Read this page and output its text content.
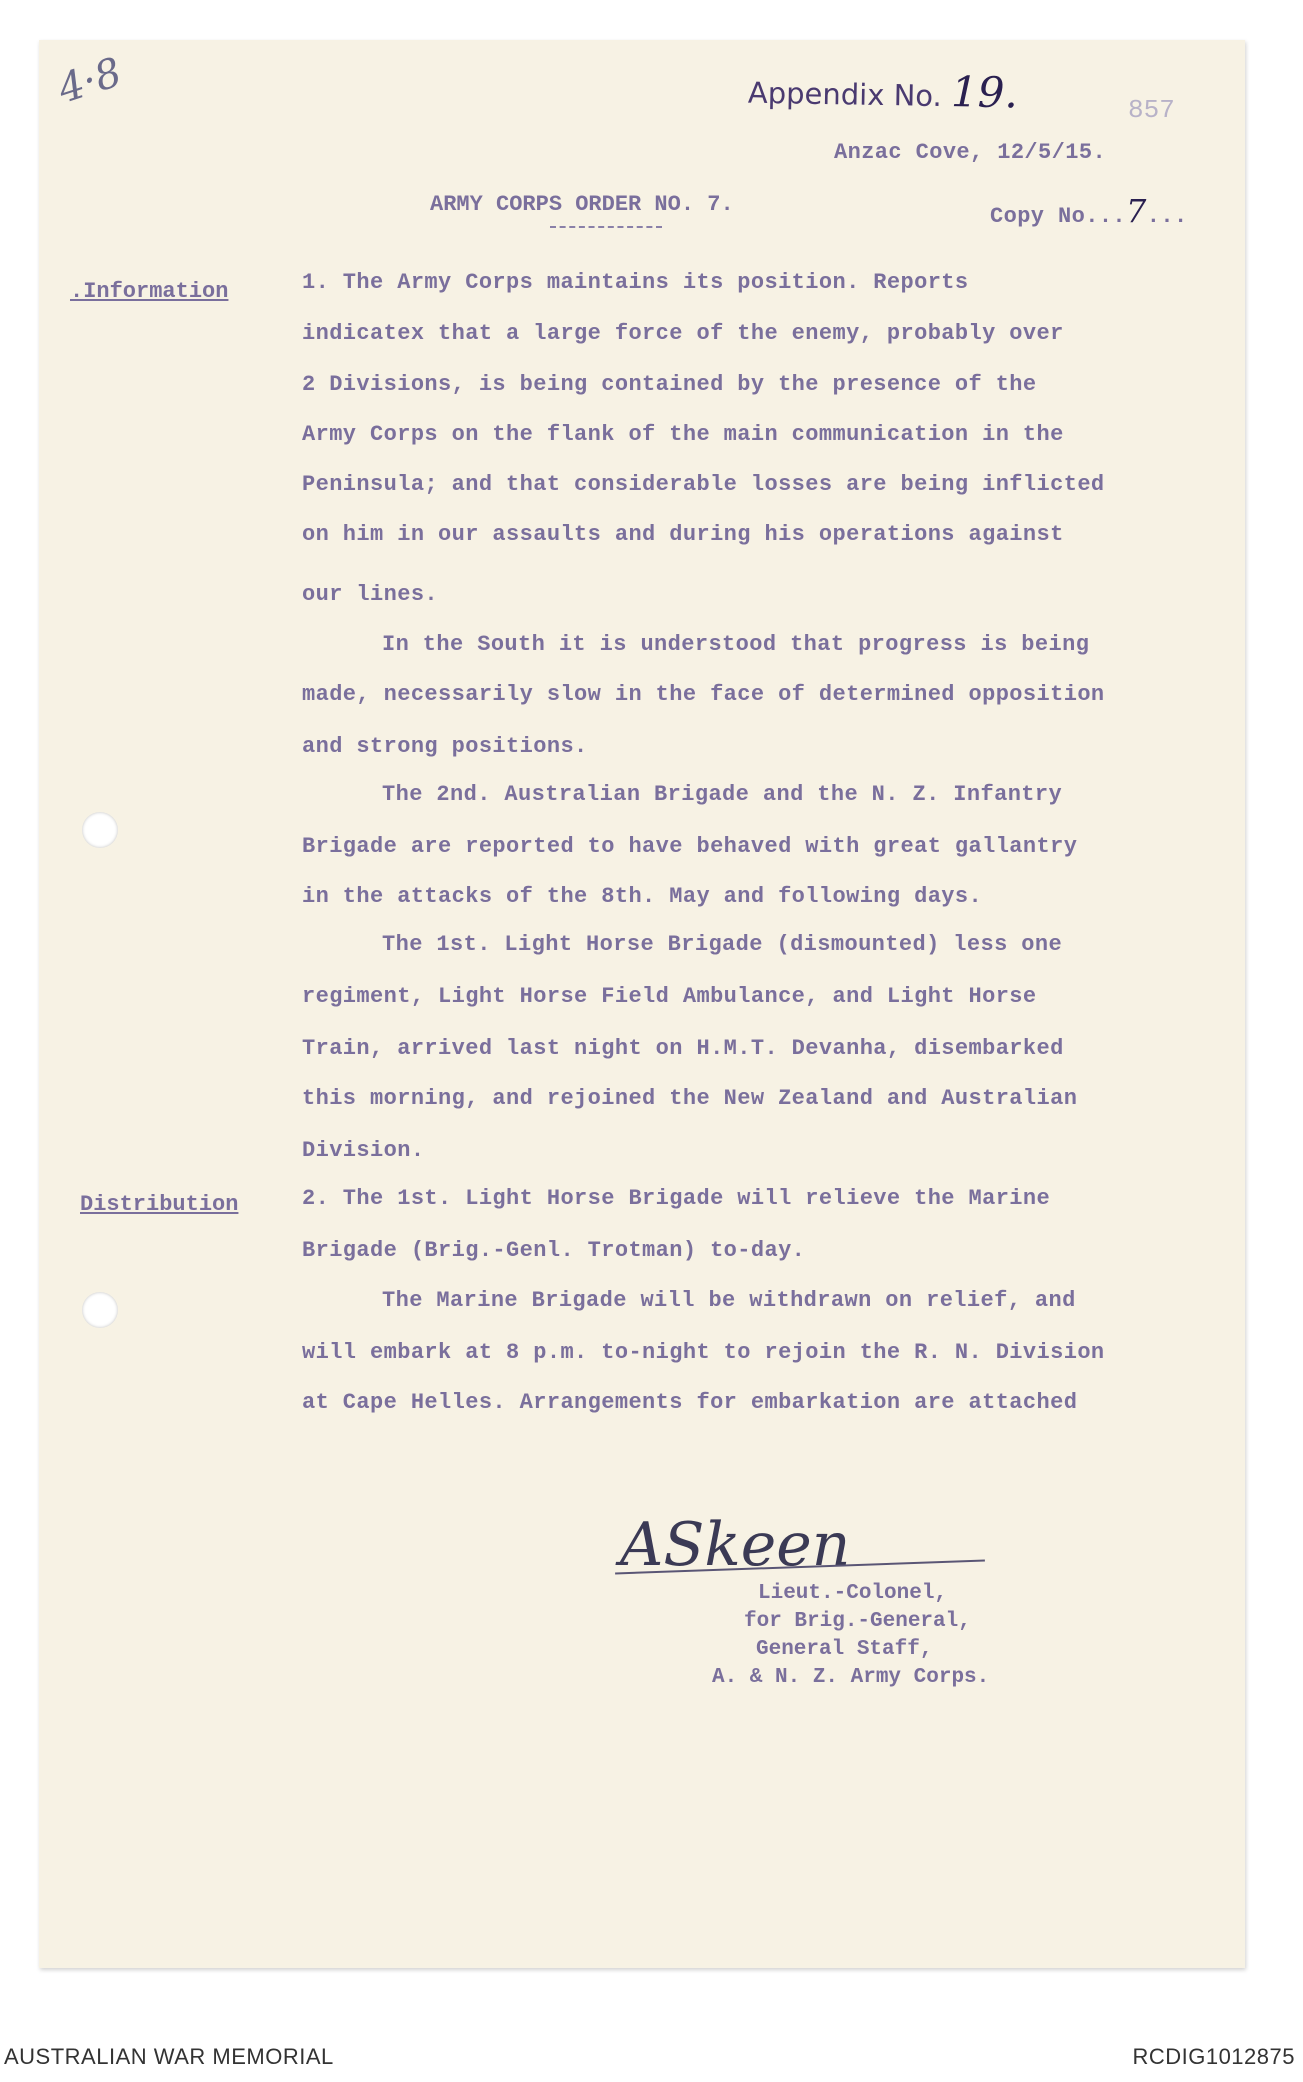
4·8	Appendix No. 19.	857
Anzac Cove, 12/5/15.
ARMY CORPS ORDER NO. 7.	Copy No...7...
.Information	1. The Army Corps maintains its position. Reports
indicatex that a large force of the enemy, probably over
2 Divisions, is being contained by the presence of the
Army Corps on the flank of the main communication in the
Peninsula; and that considerable losses are being inflicted
on him in our assaults and during his operations against
our lines.
In the South it is understood that progress is being
made, necessarily slow in the face of determined opposition
and strong positions.
The 2nd. Australian Brigade and the N. Z. Infantry
Brigade are reported to have behaved with great gallantry
in the attacks of the 8th. May and following days.
The 1st. Light Horse Brigade (dismounted) less one
regiment, Light Horse Field Ambulance, and Light Horse
Train, arrived last night on H.M.T. Devanha, disembarked
this morning, and rejoined the New Zealand and Australian
Division.
Distribution	2. The 1st. Light Horse Brigade will relieve the Marine
Brigade (Brig.-Genl. Trotman) to-day.
The Marine Brigade will be withdrawn on relief, and
will embark at 8 p.m. to-night to rejoin the R. N. Division
at Cape Helles. Arrangements for embarkation are attached
ASkeen
Lieut.-Colonel,
for Brig.-General,
General Staff,
A. & N. Z. Army Corps.
AUSTRALIAN WAR MEMORIAL	RCDIG1012875
